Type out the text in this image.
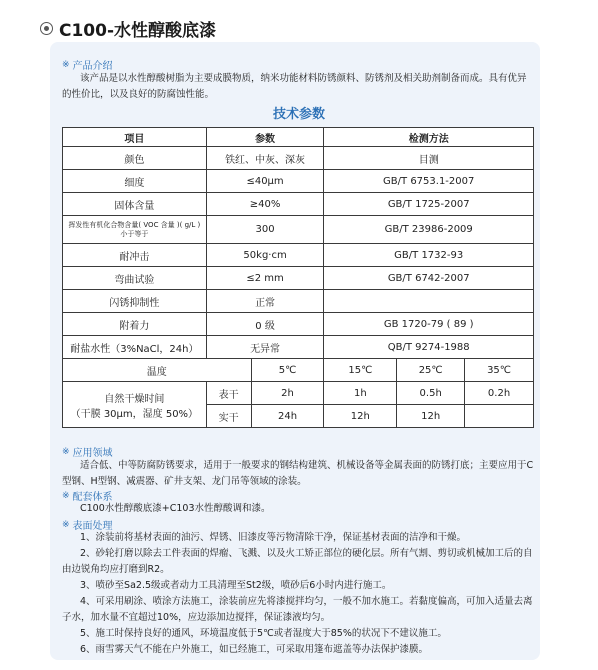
C100-水性醇酸底漆
※ 产品介绍
该产品是以水性醇酸树脂为主要成膜物质，纳米功能材料防锈颜料、防锈剂及相关助剂制备而成。具有优异的性价比，以及良好的防腐蚀性能。
技术参数
项目	参数		检测方法		
颜色	铁红、中灰、深灰		目测		
细度	≤40μm		GB/T 6753.1-2007		
固体含量	≥40%		GB/T 1725-2007		
挥发性有机化合物含量( VOC 含量 )( g/L )小于等于	300		GB/T 23986-2009		
耐冲击	50kg·cm		GB/T 1732-93		
弯曲试验	≤2 mm		GB/T 6742-2007		
闪锈抑制性	正常				
附着力	0 级		GB 1720-79 ( 89 )		
耐盐水性（3%NaCl，24h）	无异常		QB/T 9274-1988		
温度		5℃	15℃	25℃	35℃

自然干燥时间
（干膜 30μm，湿度 50%）	表干	2h	1h	0.5h	0.2h
	实干	24h	12h	12h	
※ 应用领域
适合低、中等防腐防锈要求，适用于一般要求的钢结构建筑、机械设备等金属表面的防锈打底；主要应用于C型钢、H型钢、减震器、矿井支架、龙门吊等领域的涂装。
※ 配套体系
C100水性醇酸底漆+C103水性醇酸调和漆。
※ 表面处理
1、涂装前将基材表面的油污、焊锈、旧漆皮等污物清除干净，保证基材表面的洁净和干燥。
2、砂轮打磨以除去工件表面的焊瘤、飞溅、以及火工矫正部位的硬化层。所有气割、剪切或机械加工后的自由边锐角均应打磨到R2。
3、喷砂至Sa2.5级或者动力工具清理至St2级，喷砂后6小时内进行施工。
4、可采用刷涂、喷涂方法施工，涂装前应先将漆搅拌均匀，一般不加水施工。若黏度偏高，可加入适量去离子水，加水量不宜超过10%，应边添加边搅拌，保证漆液均匀。
5、施工时保持良好的通风，环境温度低于5℃或者湿度大于85%的状况下不建议施工。
6、雨雪雾天气不能在户外施工，如已经施工，可采取用篷布遮盖等办法保护漆膜。
